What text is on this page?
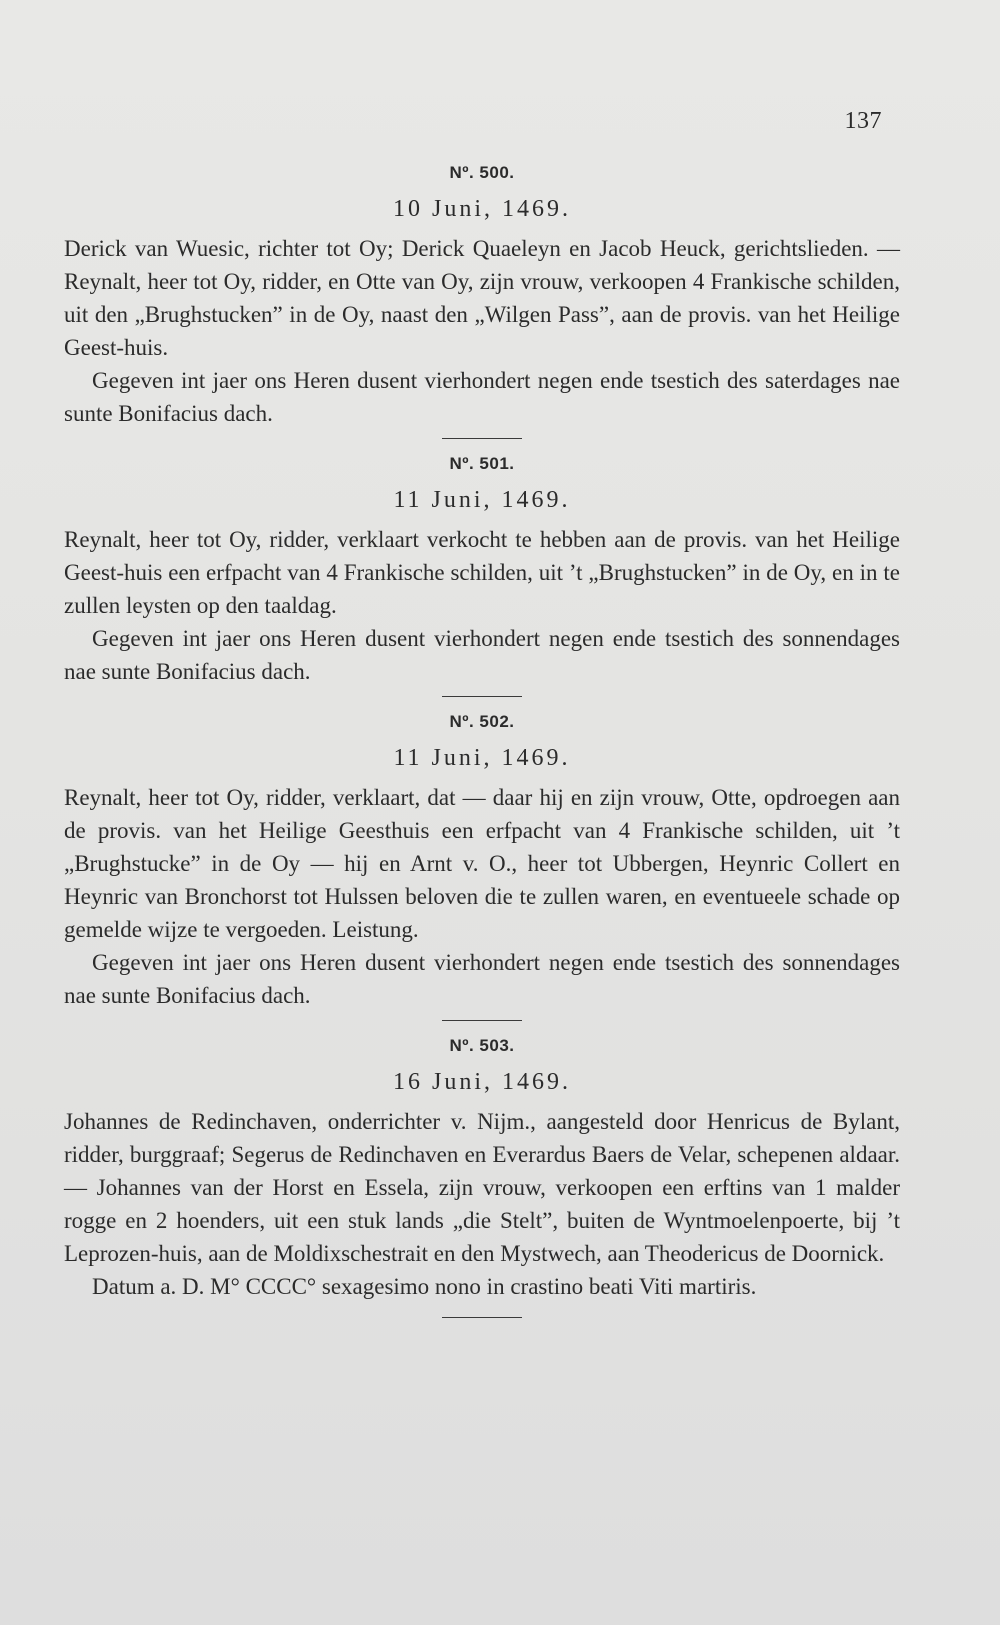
137
Nº. 500.
10 Juni, 1469.

Derick van Wuesic, richter tot Oy; Derick Quaeleyn en Jacob Heuck, gerichtslieden. — Reynalt, heer tot Oy, ridder, en Otte van Oy, zijn vrouw, verkoopen 4 Frankische schilden, uit den „Brughstucken” in de Oy, naast den „Wilgen Pass”, aan de provis. van het Heilige Geest-huis.

Gegeven int jaer ons Heren dusent vierhondert negen ende tsestich des saterdages nae sunte Bonifacius dach.

Nº. 501.
11 Juni, 1469.

Reynalt, heer tot Oy, ridder, verklaart verkocht te hebben aan de provis. van het Heilige Geest-huis een erfpacht van 4 Frankische schilden, uit ’t „Brughstucken” in de Oy, en in te zullen leysten op den taaldag.

Gegeven int jaer ons Heren dusent vierhondert negen ende tsestich des sonnendages nae sunte Bonifacius dach.

Nº. 502.
11 Juni, 1469.

Reynalt, heer tot Oy, ridder, verklaart, dat — daar hij en zijn vrouw, Otte, opdroegen aan de provis. van het Heilige Geesthuis een erfpacht van 4 Frankische schilden, uit ’t „Brughstucke” in de Oy — hij en Arnt v. O., heer tot Ubbergen, Heynric Collert en Heynric van Bronchorst tot Hulssen beloven die te zullen waren, en eventueele schade op gemelde wijze te vergoeden. Leistung.

Gegeven int jaer ons Heren dusent vierhondert negen ende tsestich des sonnendages nae sunte Bonifacius dach.

Nº. 503.
16 Juni, 1469.

Johannes de Redinchaven, onderrichter v. Nijm., aangesteld door Henricus de Bylant, ridder, burggraaf; Segerus de Redinchaven en Everardus Baers de Velar, schepenen aldaar. — Johannes van der Horst en Essela, zijn vrouw, verkoopen een erftins van 1 malder rogge en 2 hoenders, uit een stuk lands „die Stelt”, buiten de Wyntmoelenpoerte, bij ’t Leprozen-huis, aan de Moldixschestrait en den Mystwech, aan Theodericus de Doornick.

Datum a. D. M° CCCC° sexagesimo nono in crastino beati Viti martiris.
